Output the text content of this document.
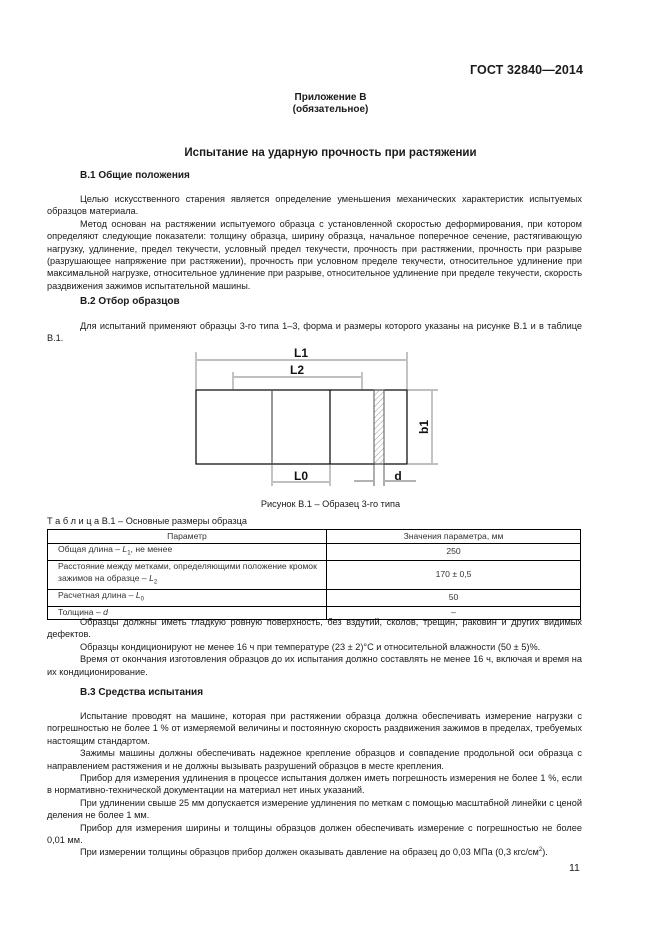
ГОСТ 32840—2014
Приложение В
(обязательное)
Испытание на ударную прочность при растяжении
В.1 Общие положения

Целью искусственного старения является определение уменьшения механических характеристик испытуемых образцов материала.

Метод основан на растяжении испытуемого образца с установленной скоростью деформирования, при котором определяют следующие показатели: толщину образца, ширину образца, начальное поперечное сечение, растягивающую нагрузку, удлинение, предел текучести, условный предел текучести, прочность при растяжении, прочность при разрыве (разрушающее напряжение при растяжении), прочность при условном пределе текучести, относительное удлинение при максимальной нагрузке, относительное удлинение при разрыве, относительное удлинение при пределе текучести, скорость раздвижения зажимов испытательной машины.

В.2 Отбор образцов

Для испытаний применяют образцы 3-го типа 1–3, форма и размеры которого указаны на рисунке В.1 и в таблице В.1.

L1
L2
L0	d
b1
Рисунок В.1 – Образец 3-го типа
Т а б л и ц а В.1 – Основные размеры образца
Параметр	Значения параметра, мм
Общая длина – $L_1$, не менее	250
Расстояние между метками, определяющими положение кромок зажимов на образце – $L_2$	170 ± 0,5
Расчетная длина – $L_0$	50
Толщина – d	–

Образцы должны иметь гладкую ровную поверхность, без вздутий, сколов, трещин, раковин и других видимых дефектов.

Образцы кондиционируют не менее 16 ч при температуре (23 ± 2)°С и относительной влажности (50 ± 5)%.

Время от окончания изготовления образцов до их испытания должно составлять не менее 16 ч, включая и время на их кондиционирование.

В.3 Средства испытания

Испытание проводят на машине, которая при растяжении образца должна обеспечивать измерение нагрузки с погрешностью не более 1 % от измеряемой величины и постоянную скорость раздвижения зажимов в пределах, требуемых настоящим стандартом.

Зажимы машины должны обеспечивать надежное крепление образцов и совпадение продольной оси образца с направлением растяжения и не должны вызывать разрушений образцов в месте крепления.

Прибор для измерения удлинения в процессе испытания должен иметь погрешность измерения не более 1 %, если в нормативно-технической документации на материал нет иных указаний.

При удлинении свыше 25 мм допускается измерение удлинения по меткам с помощью масштабной линейки с ценой деления не более 1 мм.

Прибор для измерения ширины и толщины образцов должен обеспечивать измерение с погрешностью не более 0,01 мм.

При измерении толщины образцов прибор должен оказывать давление на образец до 0,03 МПа (0,3 кгс/$см^2$).

11
